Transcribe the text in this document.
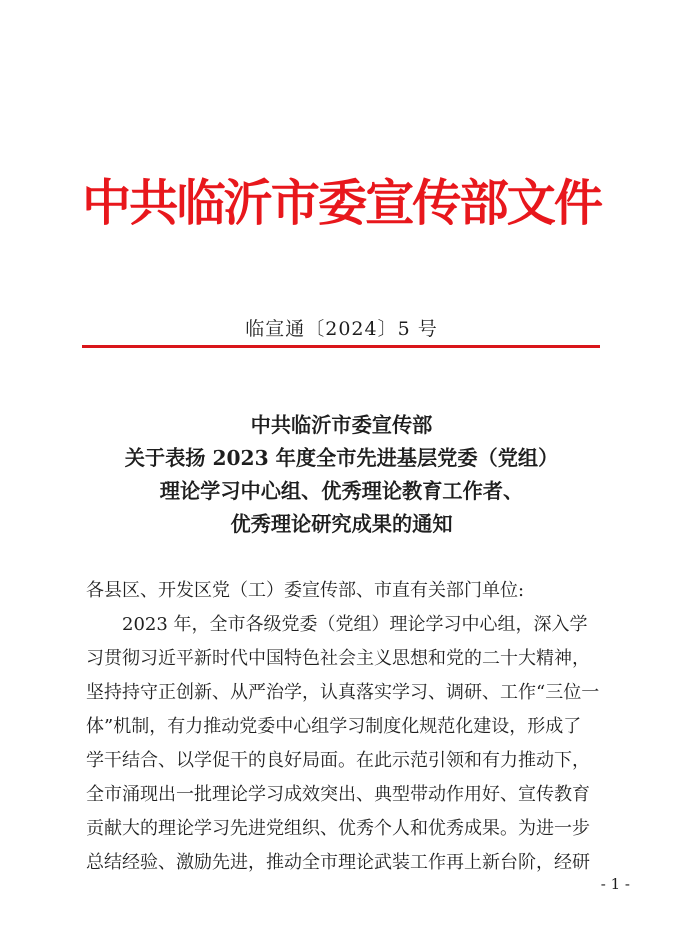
中共临沂市委宣传部文件
临宣通〔2024〕5 号
中共临沂市委宣传部
关于表扬 2023 年度全市先进基层党委（党组）
理论学习中心组、优秀理论教育工作者、
优秀理论研究成果的通知
各县区、开发区党（工）委宣传部、市直有关部门单位:
　　2023 年，全市各级党委（党组）理论学习中心组，深入学
习贯彻习近平新时代中国特色社会主义思想和党的二十大精神，
坚持持守正创新、从严治学，认真落实学习、调研、工作“三位一
体”机制，有力推动党委中心组学习制度化规范化建设，形成了
学干结合、以学促干的良好局面。在此示范引领和有力推动下，
全市涌现出一批理论学习成效突出、典型带动作用好、宣传教育
贡献大的理论学习先进党组织、优秀个人和优秀成果。为进一步
总结经验、激励先进，推动全市理论武装工作再上新台阶，经研
- 1 -
